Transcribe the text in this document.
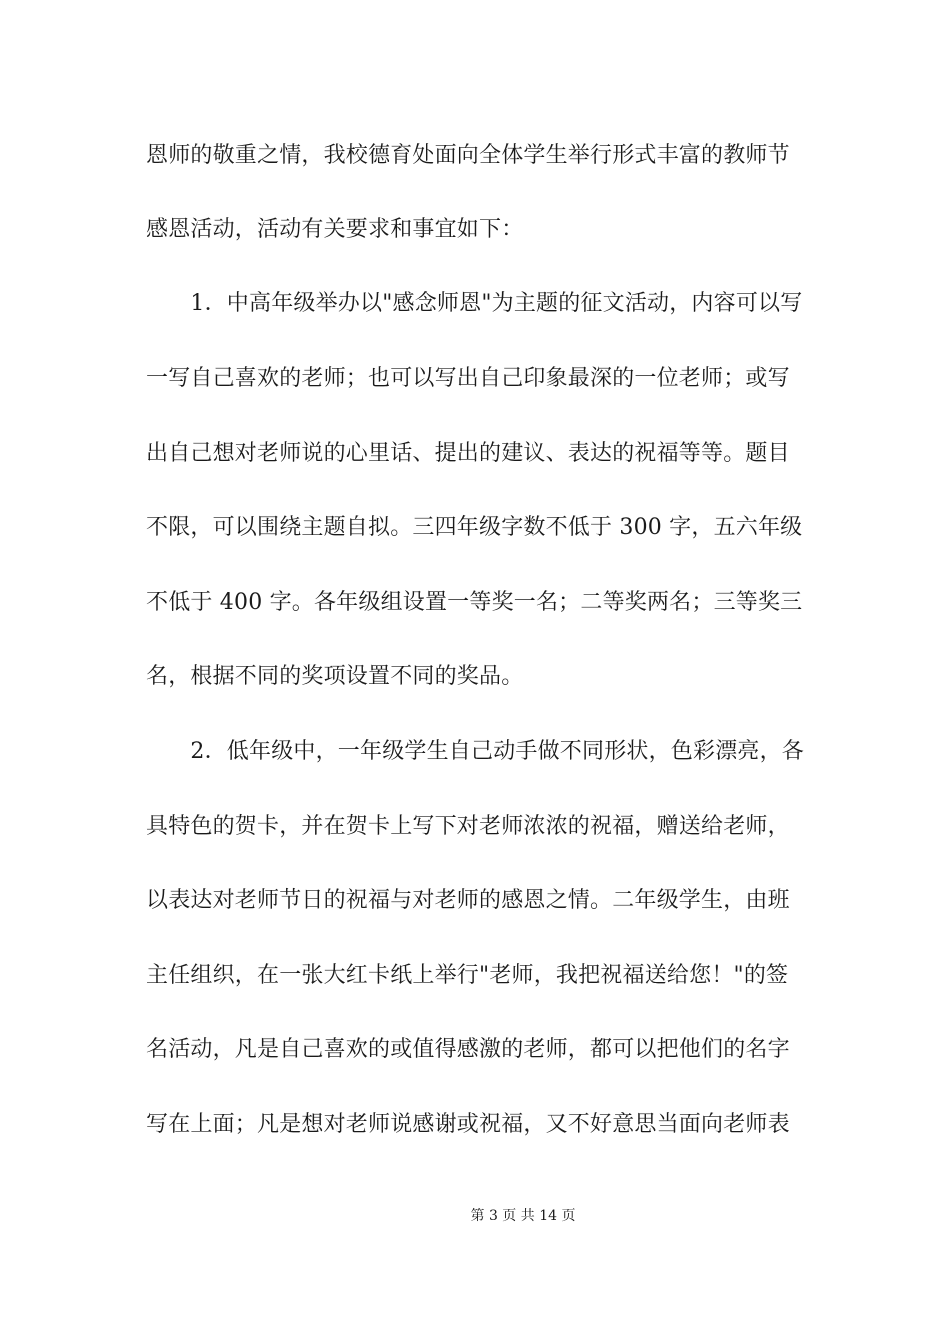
恩师的敬重之情，我校德育处面向全体学生举行形式丰富的教师节
感恩活动，活动有关要求和事宜如下：
　　1．中高年级举办以"感念师恩"为主题的征文活动，内容可以写
一写自己喜欢的老师；也可以写出自己印象最深的一位老师；或写
出自己想对老师说的心里话、提出的建议、表达的祝福等等。题目
不限，可以围绕主题自拟。三四年级字数不低于 300 字，五六年级
不低于 400 字。各年级组设置一等奖一名；二等奖两名；三等奖三
名，根据不同的奖项设置不同的奖品。
　　2．低年级中，一年级学生自己动手做不同形状，色彩漂亮，各
具特色的贺卡，并在贺卡上写下对老师浓浓的祝福，赠送给老师，
以表达对老师节日的祝福与对老师的感恩之情。二年级学生，由班
主任组织，在一张大红卡纸上举行"老师，我把祝福送给您！"的签
名活动，凡是自己喜欢的或值得感激的老师，都可以把他们的名字
写在上面；凡是想对老师说感谢或祝福，又不好意思当面向老师表
第 3 页 共 14 页
